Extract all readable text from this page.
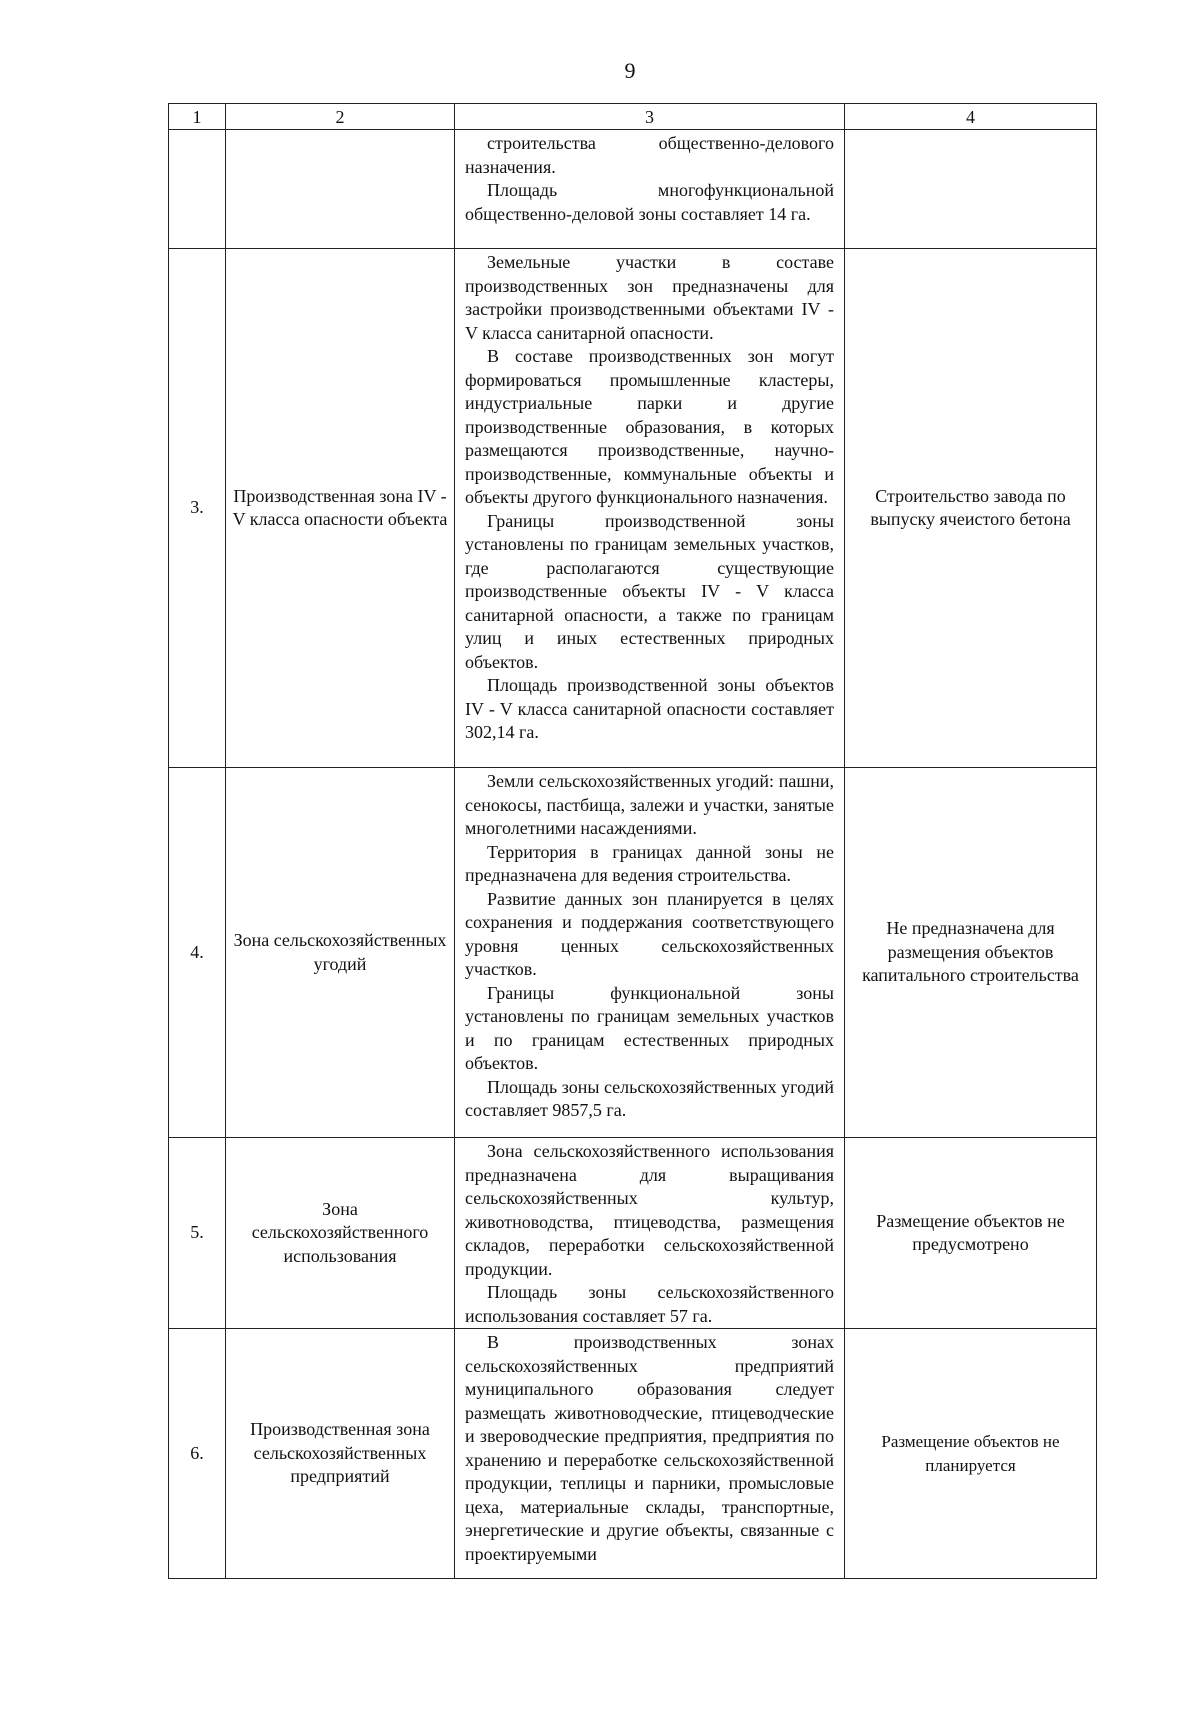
9
1	2	3	4

		строительства общественно-делового назначения.

Площадь многофункциональной общественно-деловой зоны составляет 14 га.	

3.	Производственная зона IV - V класса опасности объекта	Земельные участки в составе производственных зон предназначены для застройки производственными объектами IV - V класса санитарной опасности.

В составе производственных зон могут формироваться промышленные кластеры, индустриальные парки и другие производственные образования, в которых размещаются производственные, научно-производственные, коммунальные объекты и объекты другого функционального назначения.

Границы производственной зоны установлены по границам земельных участков, где располагаются существующие производственные объекты IV - V класса санитарной опасности, а также по границам улиц и иных естественных природных объектов.

Площадь производственной зоны объектов IV - V класса санитарной опасности составляет 302,14 га.	Строительство завода по выпуску ячеистого бетона
4.	Зона сельскохозяйственных угодий	Земли сельскохозяйственных угодий: пашни, сенокосы, пастбища, залежи и участки, занятые многолетними насаждениями.

Территория в границах данной зоны не предназначена для ведения строительства.

Развитие данных зон планируется в целях сохранения и поддержания соответствующего уровня ценных сельскохозяйственных участков.

Границы функциональной зоны установлены по границам земельных участков и по границам естественных природных объектов.

Площадь зоны сельскохозяйственных угодий составляет 9857,5 га.	Не предназначена для размещения объектов капитального строительства
5.	Зона сельскохозяйственного использования	Зона сельскохозяйственного использования предназначена для выращивания сельскохозяйственных культур, животноводства, птицеводства, размещения складов, переработки сельскохозяйственной продукции.

Площадь зоны сельскохозяйственного использования составляет 57 га.	Размещение объектов не предусмотрено
6.	Производственная зона сельскохозяйственных предприятий	В производственных зонах сельскохозяйственных предприятий муниципального образования следует размещать животноводческие, птицеводческие и звероводческие предприятия, предприятия по хранению и переработке сельскохозяйственной продукции, теплицы и парники, промысловые цеха, материальные склады, транспортные, энергетические и другие объекты, связанные с проектируемыми	Размещение объектов не планируется
